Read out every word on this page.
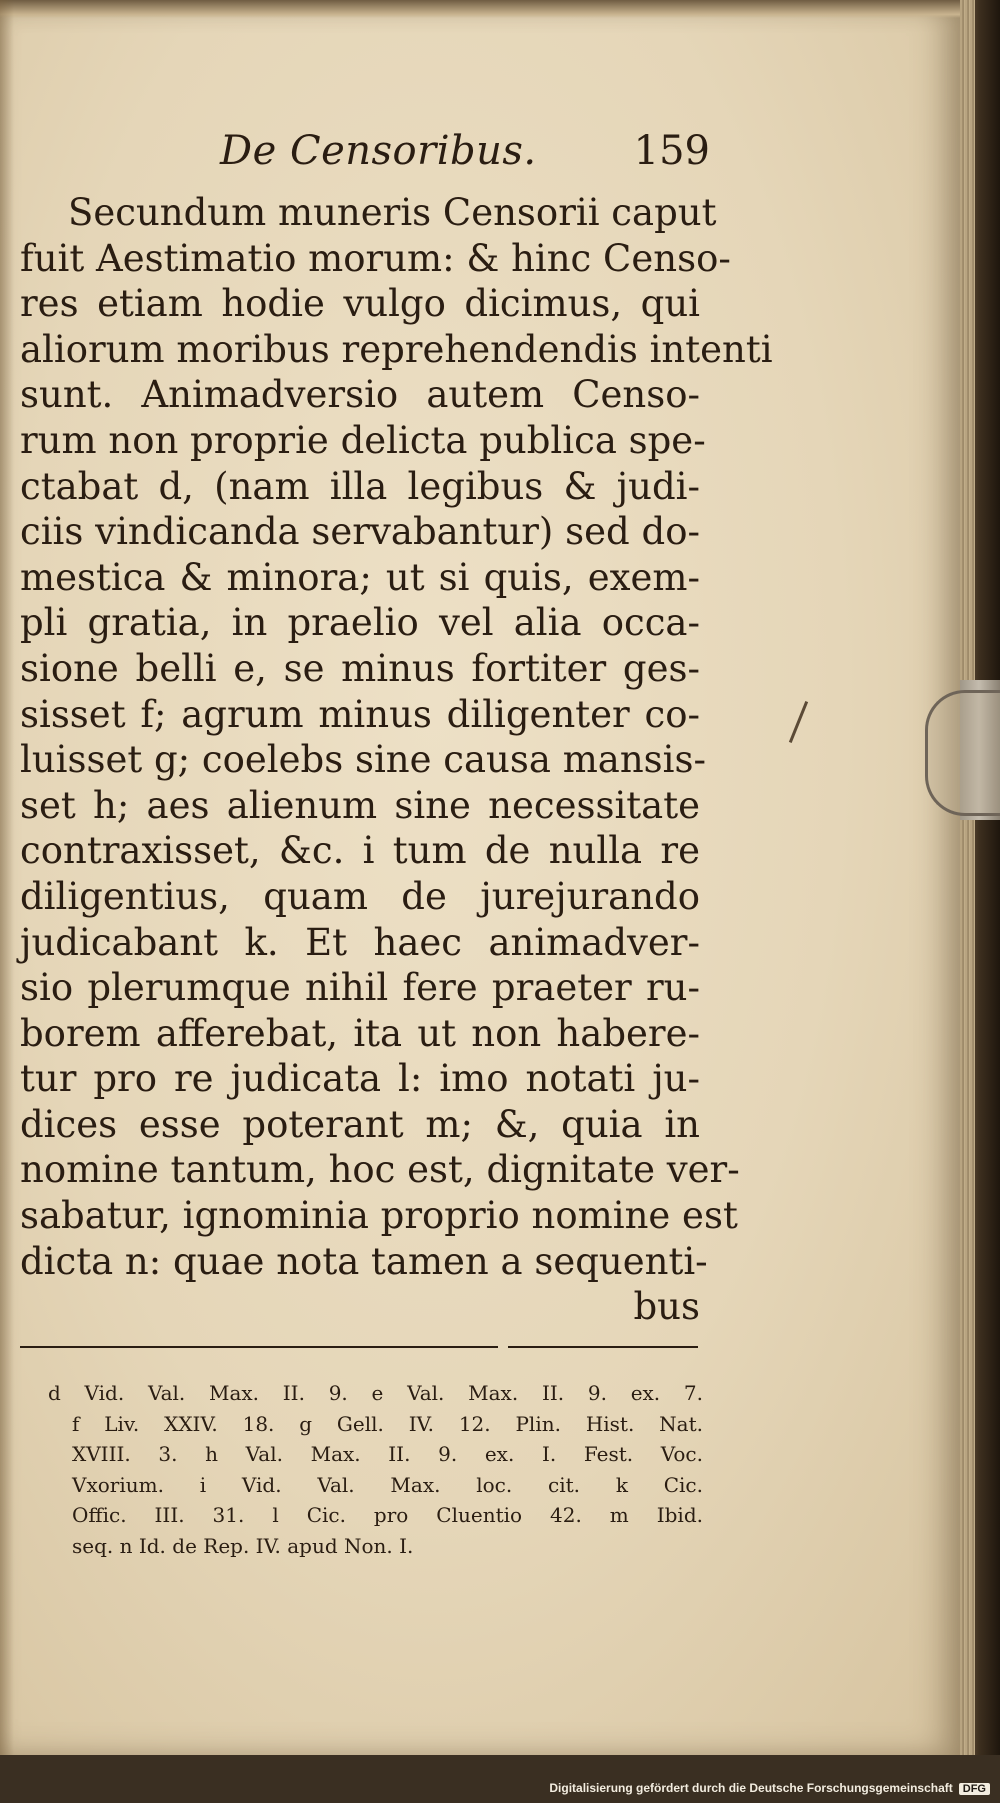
De Censoribus. 159
Secundum muneris Censorii caput
fuit Aestimatio morum: & hinc Censo-
res etiam hodie vulgo dicimus, qui
aliorum moribus reprehendendis intenti
sunt. Animadversio autem Censo-
rum non proprie delicta publica spe-
ctabat d, (nam illa legibus & judi-
ciis vindicanda servabantur) sed do-
mestica & minora; ut si quis, exem-
pli gratia, in praelio vel alia occa-
sione belli e, se minus fortiter ges-
sisset f; agrum minus diligenter co-
luisset g; coelebs sine causa mansis-
set h; aes alienum sine necessitate
contraxisset, &c. i tum de nulla re
diligentius, quam de jurejurando
judicabant k. Et haec animadver-
sio plerumque nihil fere praeter ru-
borem afferebat, ita ut non habere-
tur pro re judicata l: imo notati ju-
dices esse poterant m; &, quia in
nomine tantum, hoc est, dignitate ver-
sabatur, ignominia proprio nomine est
dicta n: quae nota tamen a sequenti-
bus
d Vid. Val. Max. II. 9. e Val. Max. II. 9. ex. 7.
f Liv. XXIV. 18. g Gell. IV. 12. Plin. Hist. Nat.
XVIII. 3. h Val. Max. II. 9. ex. I. Fest. Voc.
Vxorium. i Vid. Val. Max. loc. cit. k Cic.
Offic. III. 31. l Cic. pro Cluentio 42. m Ibid.
seq. n Id. de Rep. IV. apud Non. I.
Digitalisierung gefördert durch die Deutsche Forschungsgemeinschaft DFG
